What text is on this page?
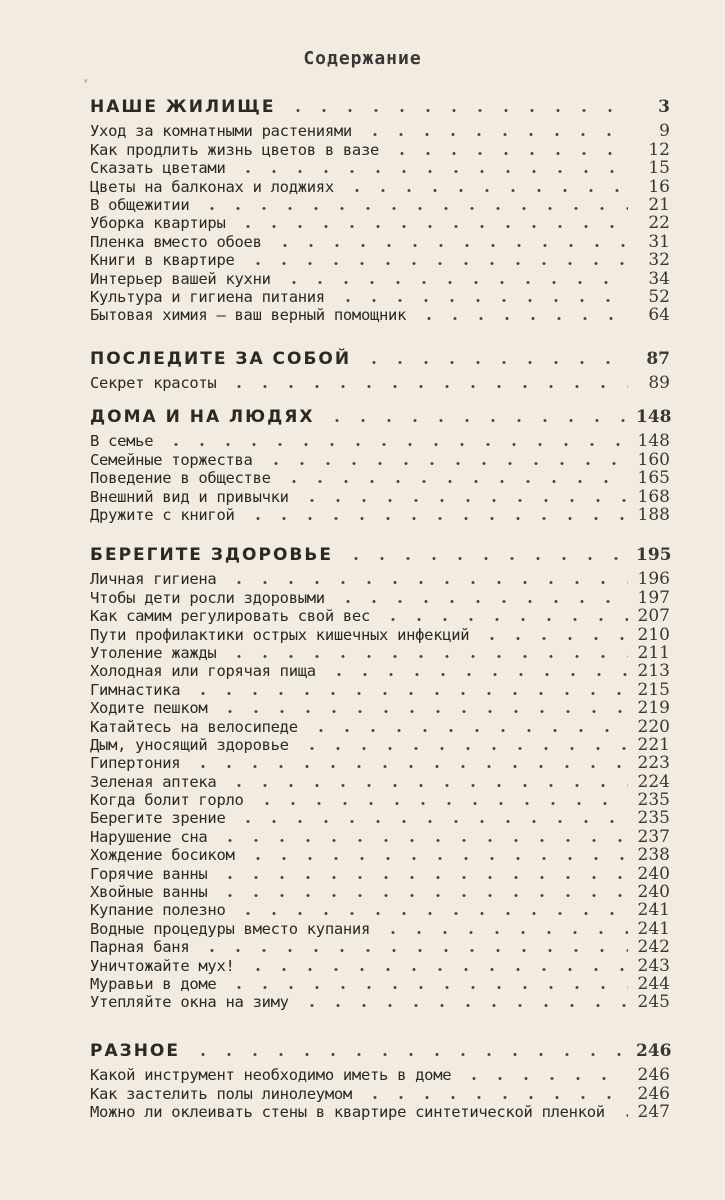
Содержание
ᵛ
НАШЕ ЖИЛИЩЕ	3
Уход за комнатными растениями	9
Как продлить жизнь цветов в вазе	12
Сказать цветами	15
Цветы на балконах и лоджиях	16
В общежитии	21
Уборка квартиры	22
Пленка вместо обоев	31
Книги в квартире	32
Интерьер вашей кухни	34
Культура и гигиена питания	52
Бытовая химия — ваш верный помощник	64
ПОСЛЕДИТЕ ЗА СОБОЙ	87
Секрет красоты	89
ДОМА И НА ЛЮДЯХ	148
В семье	148
Семейные торжества	160
Поведение в обществе	165
Внешний вид и привычки	168
Дружите с книгой	188
БЕРЕГИТЕ ЗДОРОВЬЕ	195
Личная гигиена	196
Чтобы дети росли здоровыми	197
Как самим регулировать свой вес	207
Пути профилактики острых кишечных инфекций	210
Утоление жажды	211
Холодная или горячая пища	213
Гимнастика	215
Ходите пешком	219
Катайтесь на велосипеде	220
Дым, уносящий здоровье	221
Гипертония	223
Зеленая аптека	224
Когда болит горло	235
Берегите зрение	235
Нарушение сна	237
Хождение босиком	238
Горячие ванны	240
Хвойные ванны	240
Купание полезно	241
Водные процедуры вместо купания	241
Парная баня	242
Уничтожайте мух!	243
Муравьи в доме	244
Утепляйте окна на зиму	245
РАЗНОЕ	246
Какой инструмент необходимо иметь в доме	246
Как застелить полы линолеумом	246
Можно ли оклеивать стены в квартире синтетической пленкой 247
